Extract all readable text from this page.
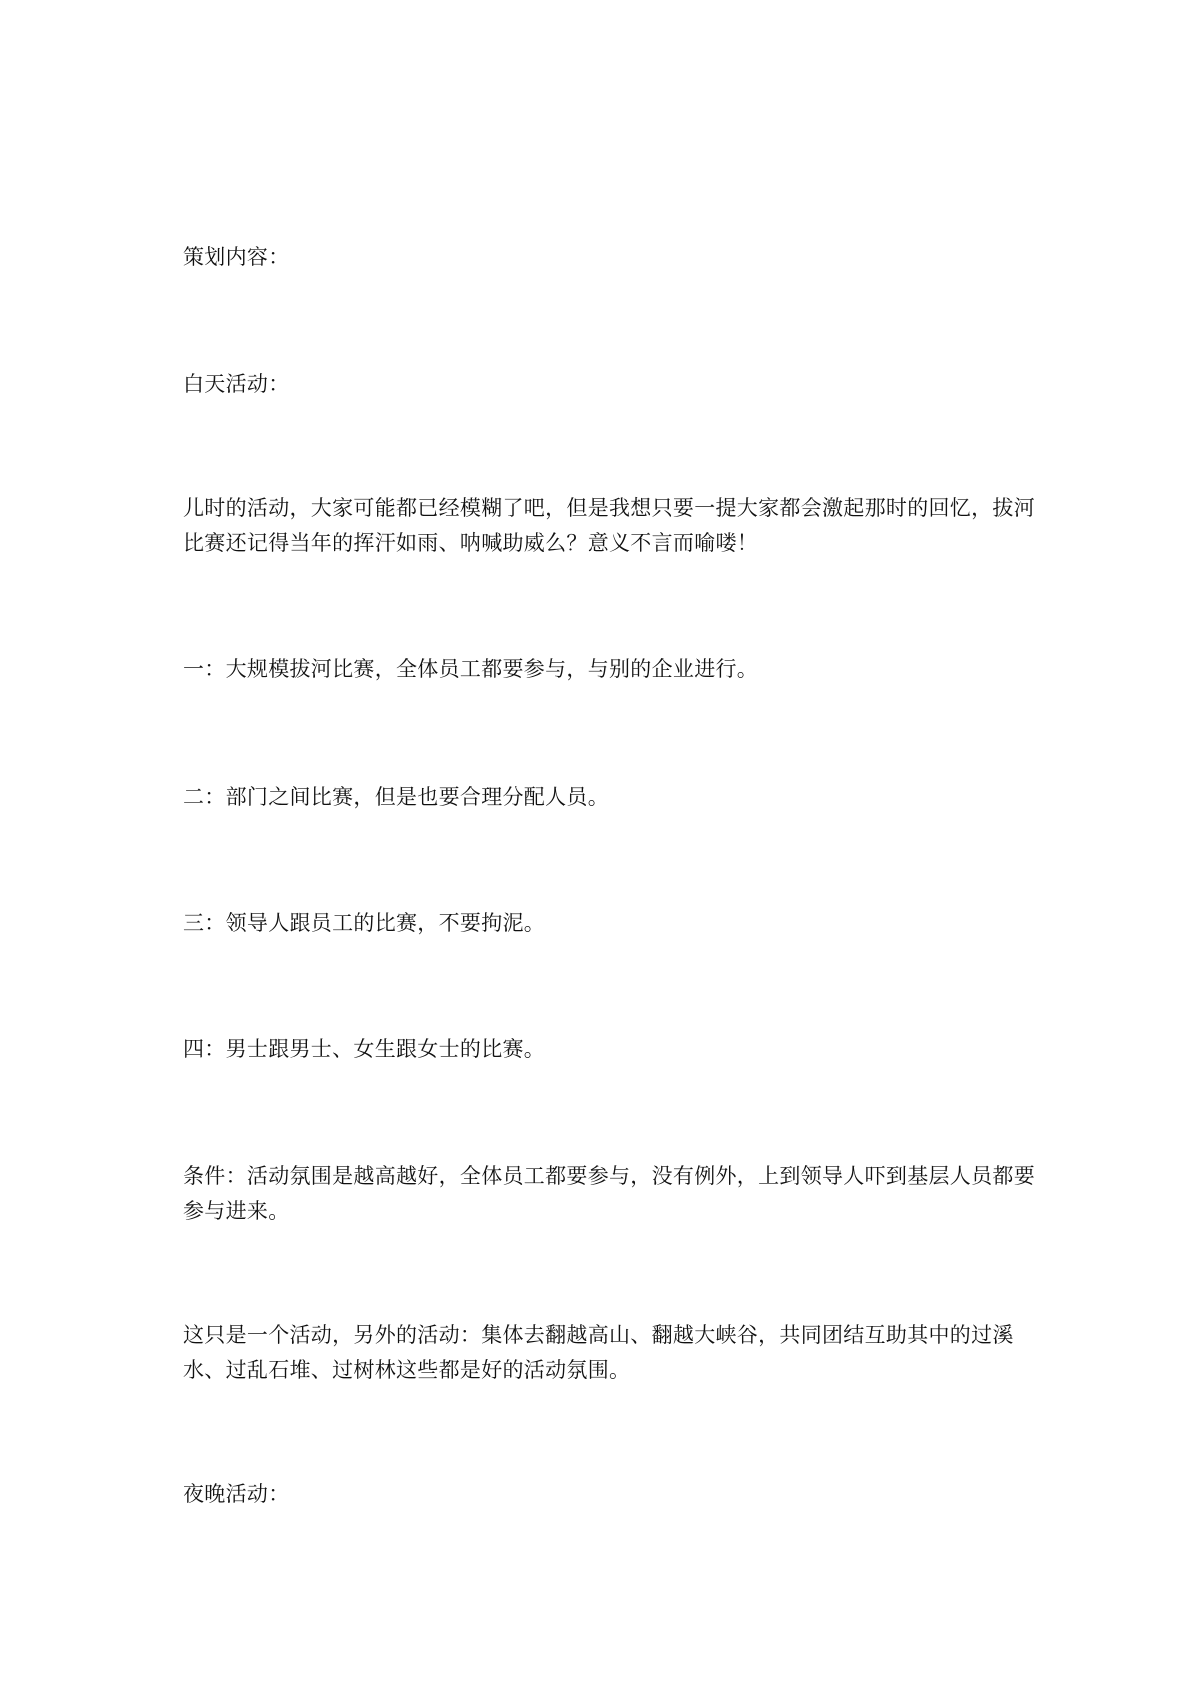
策划内容：

白天活动：

儿时的活动，大家可能都已经模糊了吧，但是我想只要一提大家都会激起那时的回忆，拔河比赛还记得当年的挥汗如雨、呐喊助威么？意义不言而喻喽！

一：大规模拔河比赛，全体员工都要参与，与别的企业进行。

二：部门之间比赛，但是也要合理分配人员。

三：领导人跟员工的比赛，不要拘泥。

四：男士跟男士、女生跟女士的比赛。

条件：活动氛围是越高越好，全体员工都要参与，没有例外，上到领导人吓到基层人员都要参与进来。

这只是一个活动，另外的活动：集体去翻越高山、翻越大峡谷，共同团结互助其中的过溪水、过乱石堆、过树林这些都是好的活动氛围。

夜晚活动：
